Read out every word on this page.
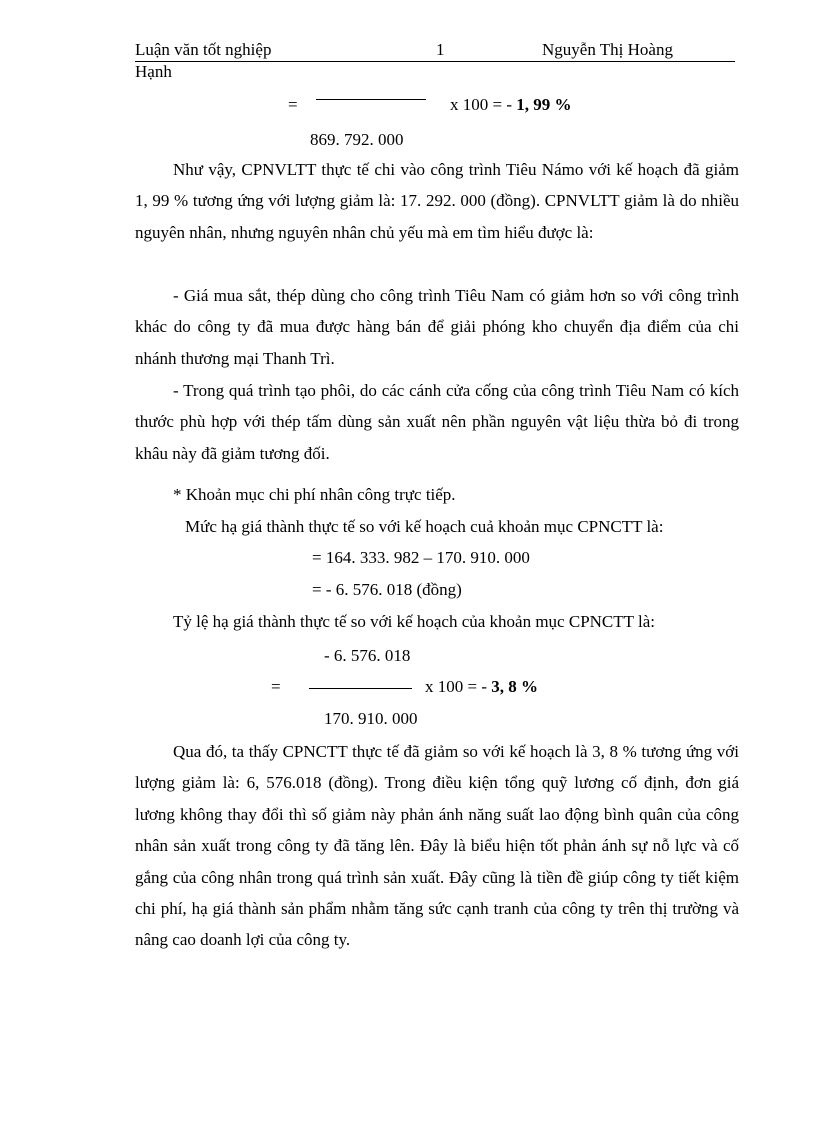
Luận văn tốt nghiệp	1	Nguyễn Thị Hoàng
Hạnh
=	x 100 = - 1, 99 %
869. 792. 000

Như vậy, CPNVLTT thực tế chi vào công trình Tiêu Námo với kế hoạch đã giảm 1, 99 % tương ứng với lượng giảm là: 17. 292. 000 (đồng). CPNVLTT giảm là do nhiều nguyên nhân, nhưng nguyên nhân chủ yếu mà em tìm hiểu được là:

- Giá mua sắt, thép dùng cho công trình Tiêu Nam có giảm hơn so với công trình khác do công ty đã mua được hàng bán để giải phóng kho chuyển địa điểm của chi nhánh thương mại Thanh Trì.

- Trong quá trình tạo phôi, do các cánh cửa cống của công trình Tiêu Nam có kích thước phù hợp với thép tấm dùng sản xuất nên phần nguyên vật liệu thừa bỏ đi trong khâu này đã giảm tương đối.

* Khoản mục chi phí nhân công trực tiếp.
Mức hạ giá thành thực tế so với kế hoạch cuả khoản mục CPNCTT là:
= 164. 333. 982 – 170. 910. 000
= - 6. 576. 018 (đồng)
Tỷ lệ hạ giá thành thực tế so với kế hoạch của khoản mục CPNCTT là:
- 6. 576. 018
=	x 100 = - 3, 8 %
170. 910. 000

Qua đó, ta thấy CPNCTT thực tế đã giảm so với kế hoạch là 3, 8 % tương ứng với lượng giảm là: 6, 576.018 (đồng). Trong điều kiện tổng quỹ lương cố định, đơn giá lương không thay đổi thì số giảm này phản ánh năng suất lao động bình quân của công nhân sản xuất trong công ty đã tăng lên. Đây là biểu hiện tốt phản ánh sự nỗ lực và cố gắng của công nhân trong quá trình sản xuất. Đây cũng là tiền đề giúp công ty tiết kiệm chi phí, hạ giá thành sản phẩm nhằm tăng sức cạnh tranh của công ty trên thị trường và nâng cao doanh lợi của công ty.
